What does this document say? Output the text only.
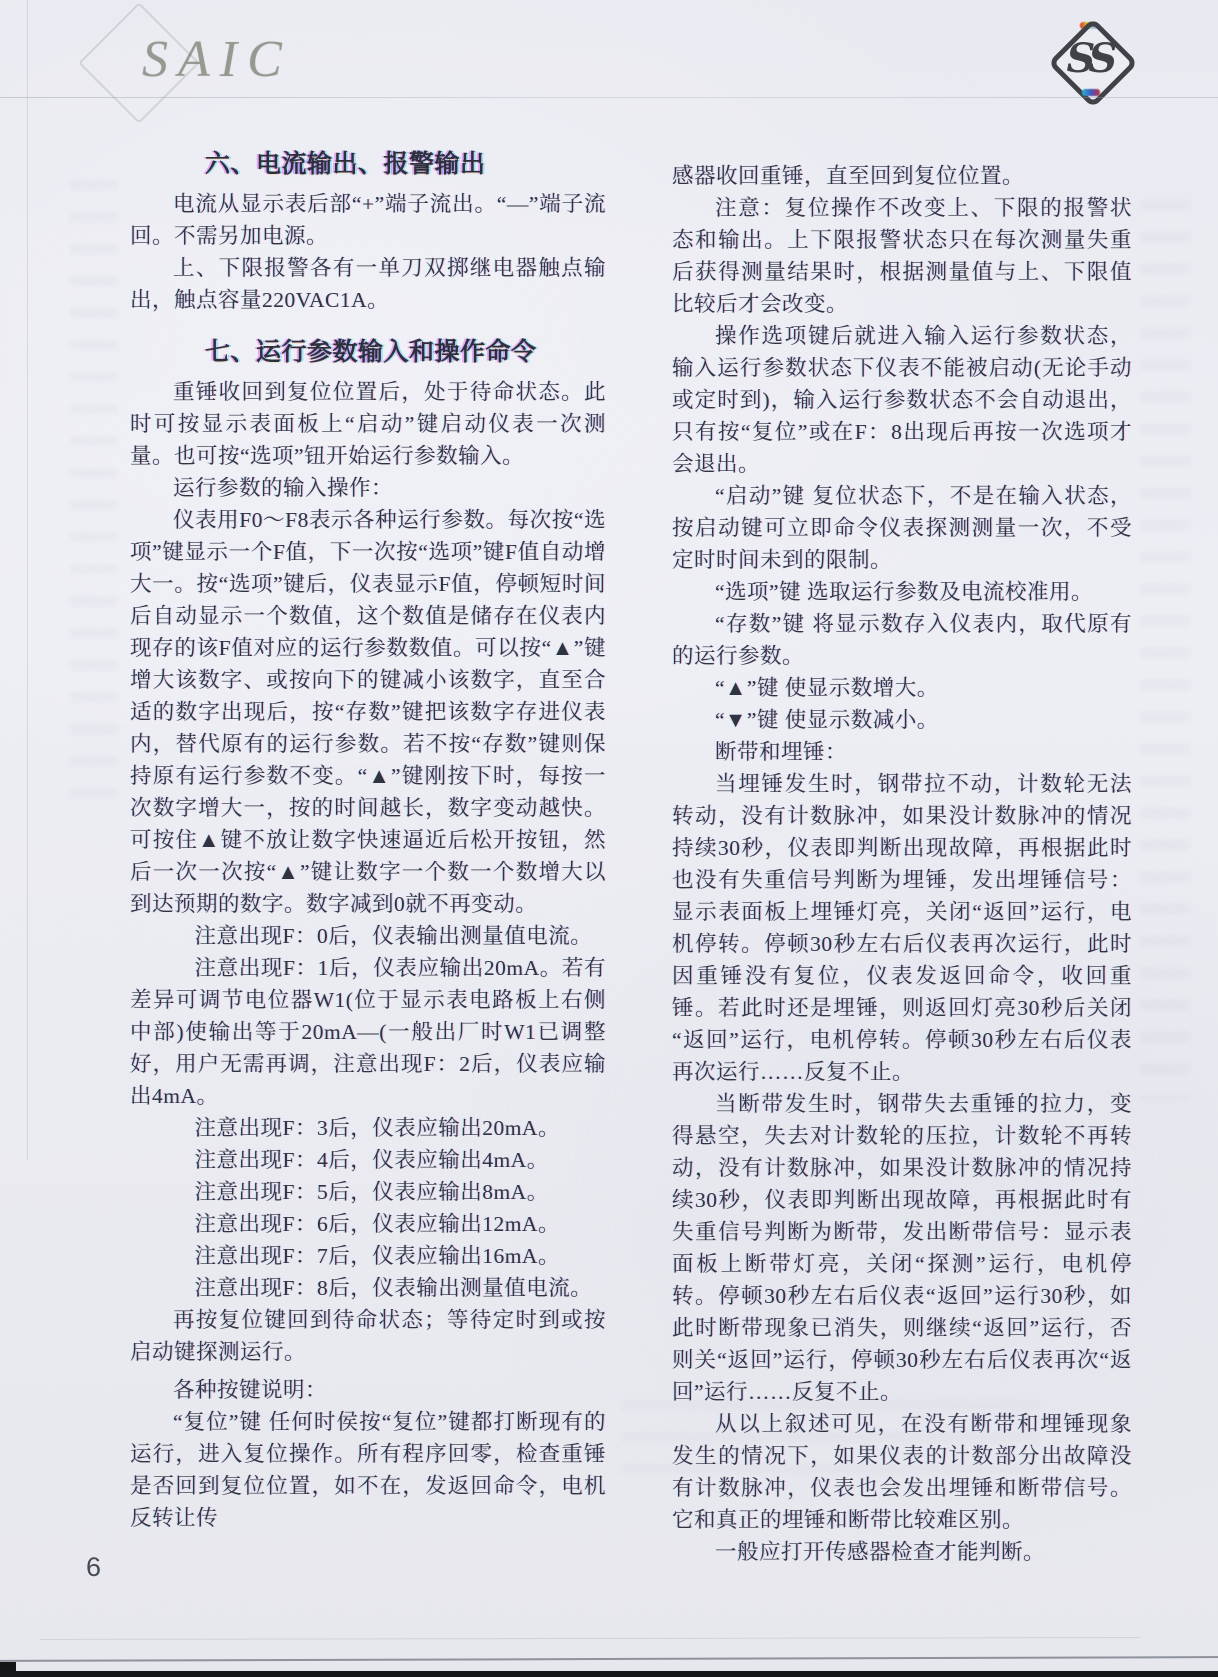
SAIC	SS
六、电流输出、报警输出

电流从显示表后部“+”端子流出。“—”端子流回。不需另加电源。

上、下限报警各有一单刀双掷继电器触点输出，触点容量220VAC1A。

七、运行参数输入和操作命令

重锤收回到复位位置后，处于待命状态。此时可按显示表面板上“启动”键启动仪表一次测量。也可按“选项”钮开始运行参数输入。

运行参数的输入操作：

仪表用F0～F8表示各种运行参数。每次按“选项”键显示一个F值，下一次按“选项”键F值自动增大一。按“选项”键后，仪表显示F值，停顿短时间后自动显示一个数值，这个数值是储存在仪表内现存的该F值对应的运行参数数值。可以按“▲”键增大该数字、或按向下的键减小该数字，直至合适的数字出现后，按“存数”键把该数字存进仪表内，替代原有的运行参数。若不按“存数”键则保持原有运行参数不变。“▲”键刚按下时，每按一次数字增大一，按的时间越长，数字变动越快。可按住▲键不放让数字快速逼近后松开按钮，然后一次一次按“▲”键让数字一个数一个数增大以到达预期的数字。数字减到0就不再变动。

注意出现F：0后，仪表输出测量值电流。

注意出现F：1后，仪表应输出20mA。若有差异可调节电位器W1(位于显示表电路板上右侧中部)使输出等于20mA—(一般出厂时W1已调整好，用户无需再调，注意出现F：2后，仪表应输出4mA。

注意出现F：3后，仪表应输出20mA。

注意出现F：4后，仪表应输出4mA。

注意出现F：5后，仪表应输出8mA。

注意出现F：6后，仪表应输出12mA。

注意出现F：7后，仪表应输出16mA。

注意出现F：8后，仪表输出测量值电流。

再按复位键回到待命状态；等待定时到或按启动键探测运行。

各种按键说明：

“复位”键 任何时侯按“复位”键都打断现有的运行，进入复位操作。所有程序回零，检查重锤是否回到复位位置，如不在，发返回命令，电机反转让传

感器收回重锤，直至回到复位位置。

注意：复位操作不改变上、下限的报警状态和输出。上下限报警状态只在每次测量失重后获得测量结果时，根据测量值与上、下限值比较后才会改变。

操作选项键后就进入输入运行参数状态，输入运行参数状态下仪表不能被启动(无论手动或定时到)，输入运行参数状态不会自动退出，只有按“复位”或在F：8出现后再按一次选项才会退出。

“启动”键 复位状态下，不是在输入状态，按启动键可立即命令仪表探测测量一次，不受定时时间未到的限制。

“选项”键 选取运行参数及电流校准用。

“存数”键 将显示数存入仪表内，取代原有的运行参数。

“▲”键 使显示数增大。

“▼”键 使显示数减小。

断带和埋锤：

当埋锤发生时，钢带拉不动，计数轮无法转动，没有计数脉冲，如果没计数脉冲的情况持续30秒，仪表即判断出现故障，再根据此时也没有失重信号判断为埋锤，发出埋锤信号：显示表面板上埋锤灯亮，关闭“返回”运行，电机停转。停顿30秒左右后仪表再次运行，此时因重锤没有复位，仪表发返回命令，收回重锤。若此时还是埋锤，则返回灯亮30秒后关闭“返回”运行，电机停转。停顿30秒左右后仪表再次运行……反复不止。

当断带发生时，钢带失去重锤的拉力，变得悬空，失去对计数轮的压拉，计数轮不再转动，没有计数脉冲，如果没计数脉冲的情况持续30秒，仪表即判断出现故障，再根据此时有失重信号判断为断带，发出断带信号：显示表面板上断带灯亮，关闭“探测”运行，电机停转。停顿30秒左右后仪表“返回”运行30秒，如此时断带现象已消失，则继续“返回”运行，否则关“返回”运行，停顿30秒左右后仪表再次“返回”运行……反复不止。

从以上叙述可见，在没有断带和埋锤现象发生的情况下，如果仪表的计数部分出故障没有计数脉冲，仪表也会发出埋锤和断带信号。它和真正的埋锤和断带比较难区别。

一般应打开传感器检查才能判断。

6
